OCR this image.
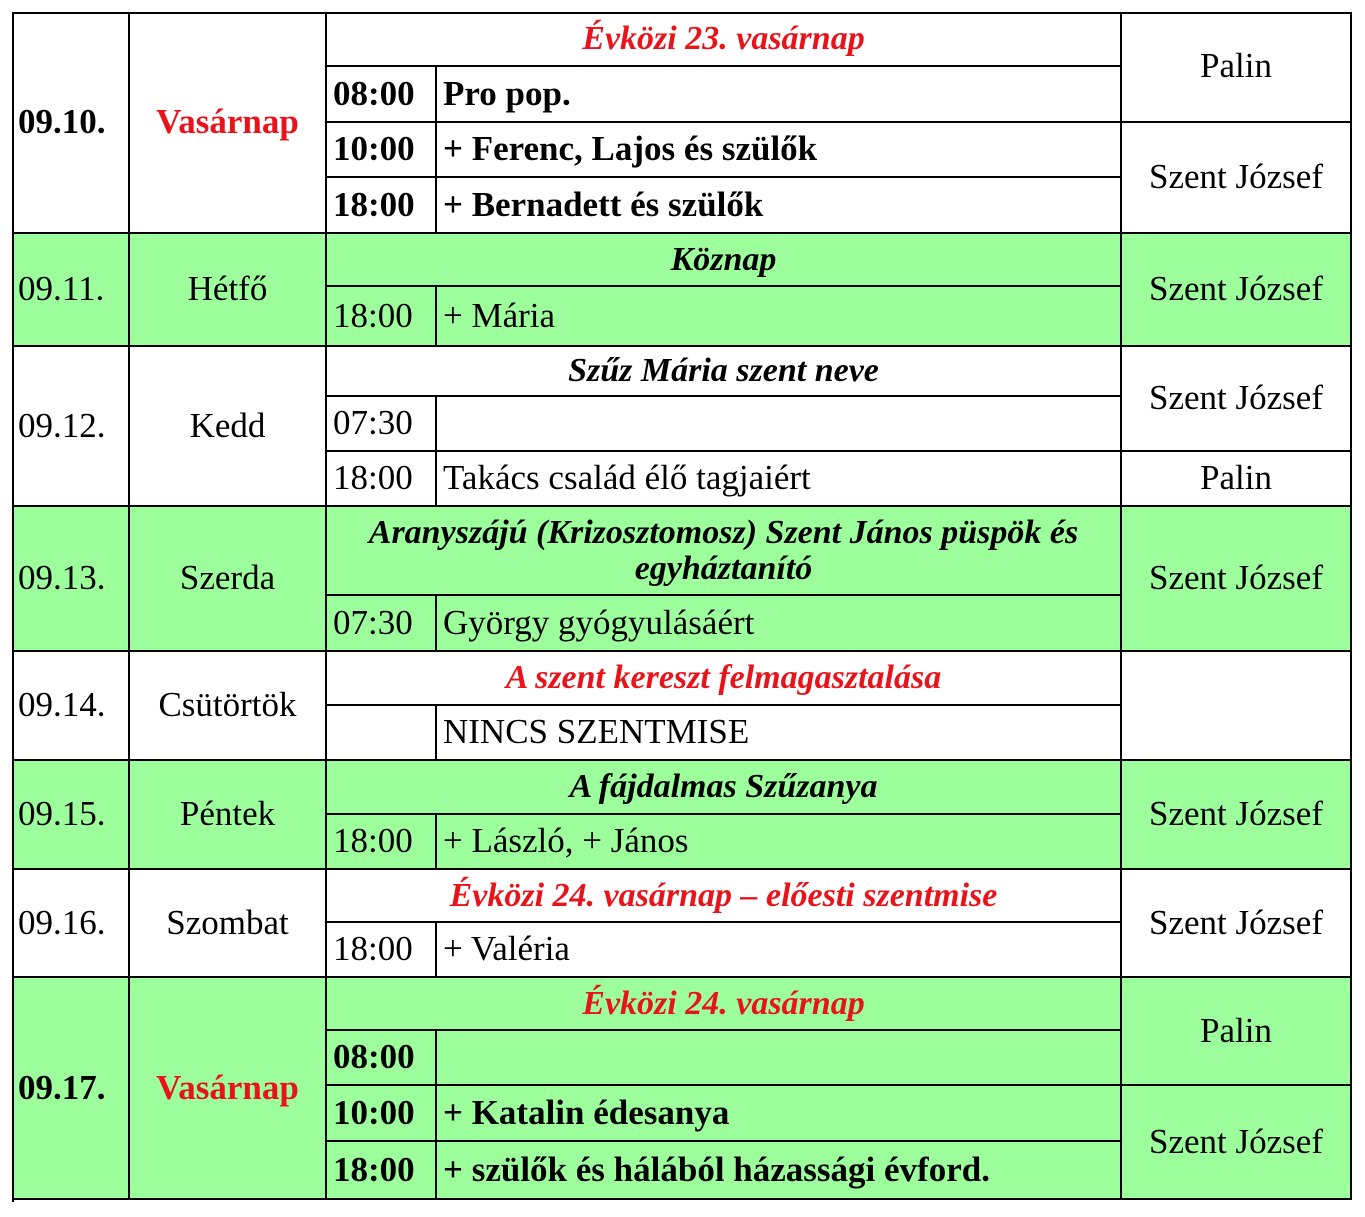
09.10. Vasárnap
Évközi 23. vasárnap
08:00 Pro pop.
10:00 + Ferenc, Lajos és szülők
18:00 + Bernadett és szülők
Palin
Szent József
09.11. Hétfő
Köznap
18:00 + Mária
Szent József
09.12. Kedd
Szűz Mária szent neve
07:30
18:00 Takács család élő tagjaiért
Szent József
Palin
09.13. Szerda
Aranyszájú (Krizosztomosz) Szent János püspök és egyháztanító
07:30 György gyógyulásáért
Szent József
09.14. Csütörtök
A szent kereszt felmagasztalása
NINCS SZENTMISE
09.15. Péntek
A fájdalmas Szűzanya
18:00 + László, + János
Szent József
09.16. Szombat
Évközi 24. vasárnap – előesti szentmise
18:00 + Valéria
Szent József
09.17. Vasárnap
Évközi 24. vasárnap
08:00
10:00 + Katalin édesanya
18:00 + szülők és hálából házassági évford.
Palin
Szent József
